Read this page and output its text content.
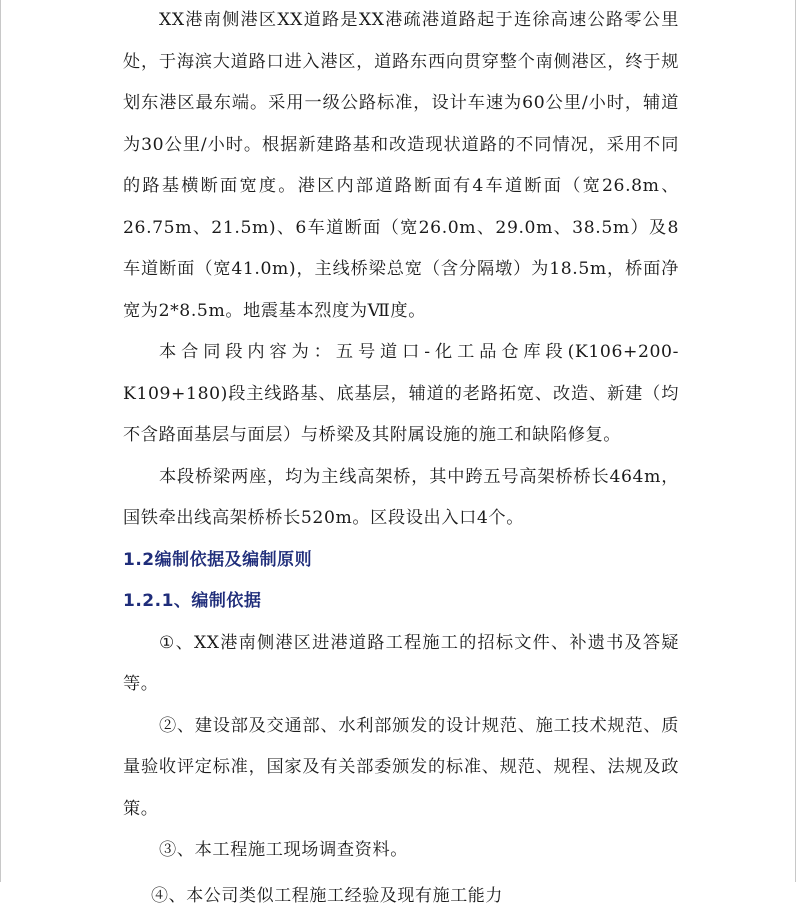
XX港南侧港区XX道路是XX港疏港道路起于连徐高速公路零公里处，于海滨大道路口进入港区，道路东西向贯穿整个南侧港区，终于规划东港区最东端。采用一级公路标准，设计车速为60公里/小时，辅道为30公里/小时。根据新建路基和改造现状道路的不同情况，采用不同的路基横断面宽度。港区内部道路断面有4车道断面（宽26.8m、26.75m、21.5m)、6车道断面（宽26.0m、29.0m、38.5m）及8车道断面（宽41.0m)，主线桥梁总宽（含分隔墩）为18.5m，桥面净宽为2*8.5m。地震基本烈度为Ⅶ度。

本合同段内容为：五号道口-化工品仓库段(K106+200-K109+180)段主线路基、底基层，辅道的老路拓宽、改造、新建（均不含路面基层与面层）与桥梁及其附属设施的施工和缺陷修复。

本段桥梁两座，均为主线高架桥，其中跨五号高架桥桥长464m，国铁牵出线高架桥桥长520m。区段设出入口4个。

1.2编制依据及编制原则
1.2.1、编制依据

①、XX港南侧港区进港道路工程施工的招标文件、补遗书及答疑等。

②、建设部及交通部、水利部颁发的设计规范、施工技术规范、质量验收评定标准，国家及有关部委颁发的标准、规范、规程、法规及政策。

③、本工程施工现场调查资料。

④、本公司类似工程施工经验及现有施工能力
